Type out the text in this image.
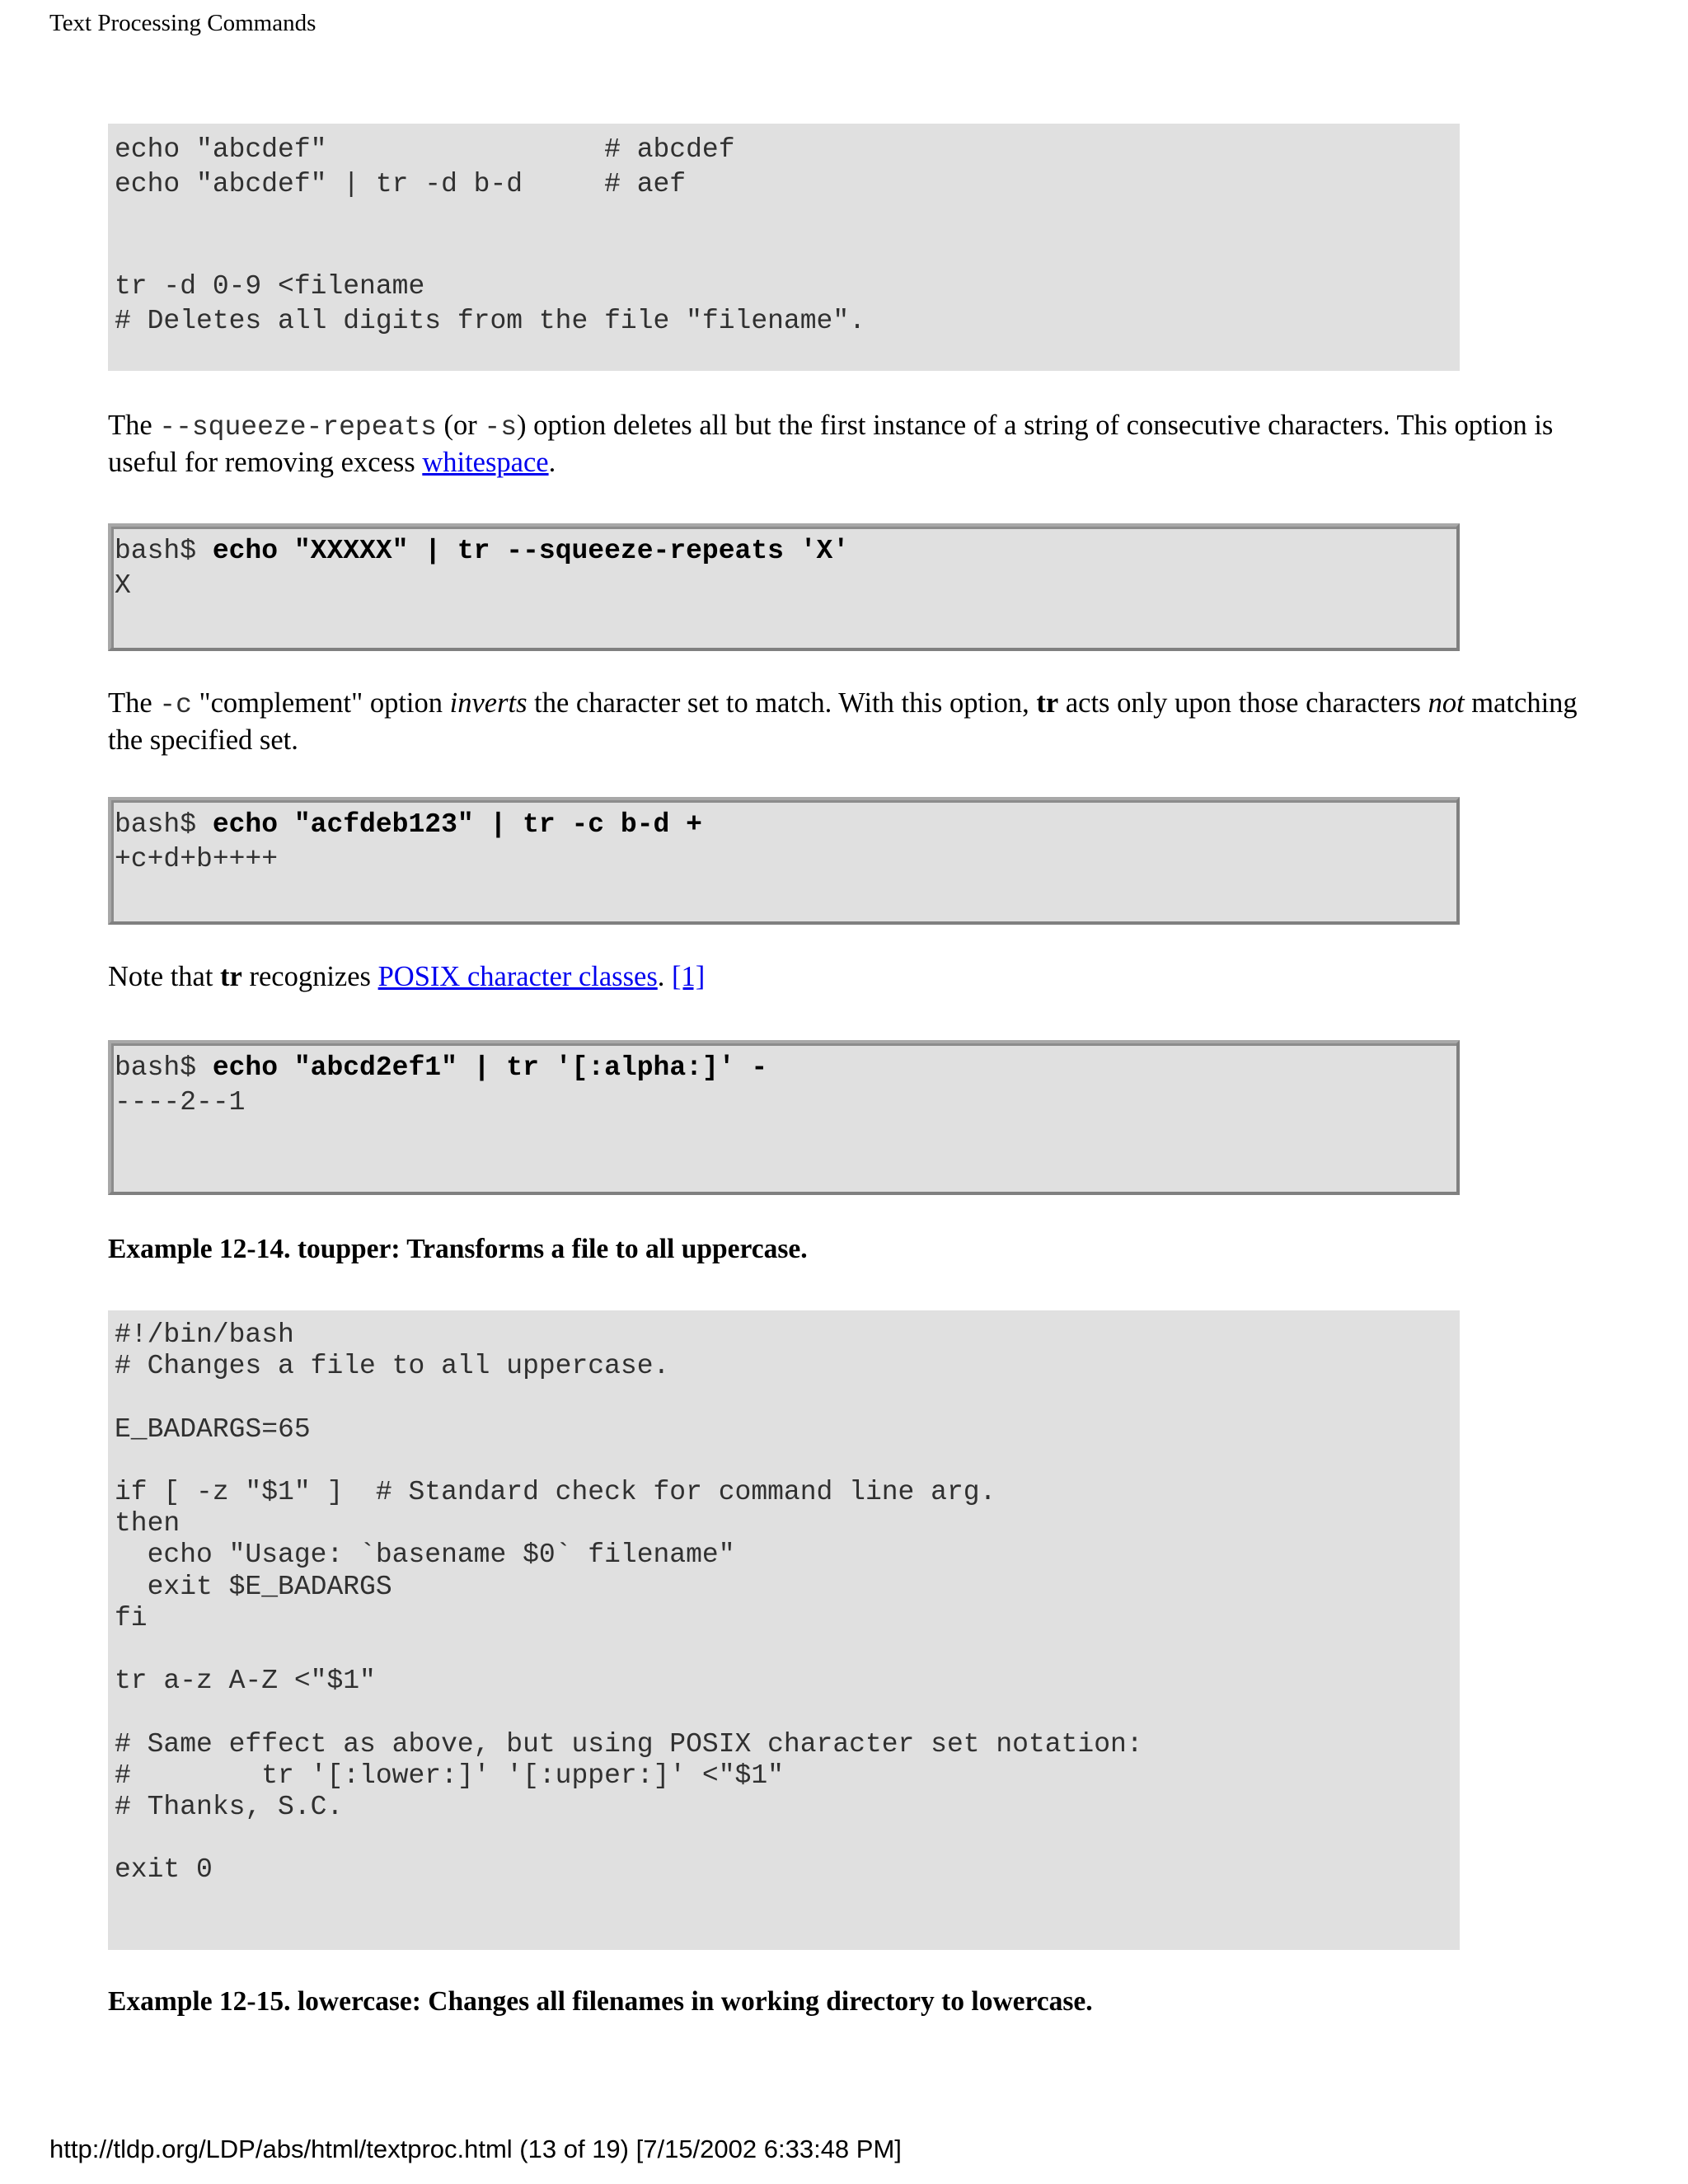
Text Processing Commands
echo "abcdef"                 # abcdef
echo "abcdef" | tr -d b-d     # aef

tr -d 0-9 <filename
# Deletes all digits from the file "filename".
The --squeeze-repeats (or -s) option deletes all but the first instance of a string of consecutive characters. This option is useful for removing excess whitespace.
bash$ echo "XXXXX" | tr --squeeze-repeats 'X'
X
The -c "complement" option inverts the character set to match. With this option, tr acts only upon those characters not matching the specified set.
bash$ echo "acfdeb123" | tr -c b-d +
+c+d+b++++
Note that tr recognizes POSIX character classes. [1]
bash$ echo "abcd2ef1" | tr '[:alpha:]' -
----2--1
Example 12-14. toupper: Transforms a file to all uppercase.
#!/bin/bash
# Changes a file to all uppercase.

E_BADARGS=65

if [ -z "$1" ]  # Standard check for command line arg.
then
echo "Usage: `basename $0` filename"
exit $E_BADARGS
fi

tr a-z A-Z <"$1"

# Same effect as above, but using POSIX character set notation:
#        tr '[:lower:]' '[:upper:]' <"$1"
# Thanks, S.C.

exit 0
Example 12-15. lowercase: Changes all filenames in working directory to lowercase.
http://tldp.org/LDP/abs/html/textproc.html (13 of 19) [7/15/2002 6:33:48 PM]
